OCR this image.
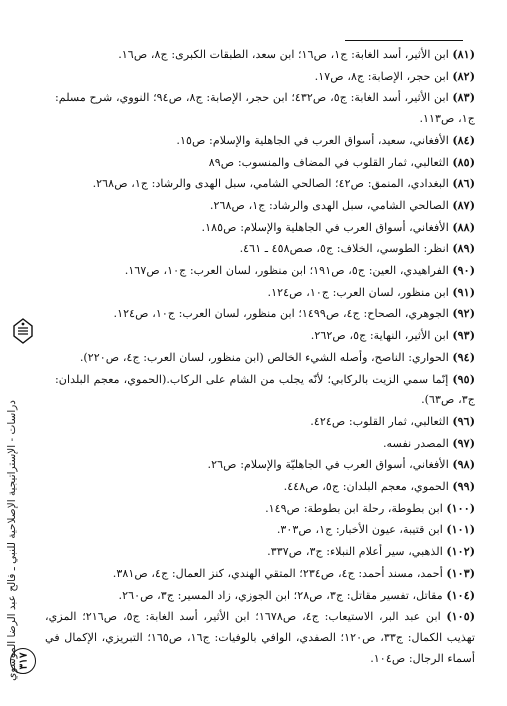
دراسات - الإستراتيجية الإصلاحية للنبي ـ فالح عبد الرضا الموسوي ٣١٧
(٨١) ابن الأثير، أسد الغابة: ج١، ص١٦؛ ابن سعد، الطبقات الكبرى: ج٨، ص١٦.
(٨٢) ابن حجر، الإصابة: ج٨، ص١٧.
(٨٣) ابن الأثير، أسد الغابة: ج٥، ص٤٣٢؛ ابن حجر، الإصابة: ج٨، ص٩٤؛ النووي، شرح مسلم: ج١، ص١١٣.
(٨٤) الأفغاني، سعيد، أسواق العرب في الجاهلية والإسلام: ص١٥.
(٨٥) الثعالبي، ثمار القلوب في المضاف والمنسوب: ص٨٩
(٨٦) البغدادي، المنمق: ص٤٢؛ الصالحي الشامي، سبل الهدى والرشاد: ج١، ص٢٦٨.
(٨٧) الصالحي الشامي، سبل الهدى والرشاد: ج١، ص٢٦٨.
(٨٨) الأفغاني، أسواق العرب في الجاهلية والإسلام: ص١٨٥.
(٨٩) انظر: الطوسي، الخلاف: ج٥، صص٤٥٨ ـ ٤٦١.
(٩٠) الفراهيدي، العين: ج٥، ص١٩١؛ ابن منظور، لسان العرب: ج١٠، ص١٦٧.
(٩١) ابن منظور، لسان العرب: ج١٠، ص١٢٤.
(٩٢) الجوهري، الصحاح: ج٤، ص١٤٩٩؛ ابن منظور، لسان العرب: ج١٠، ص١٢٤.
(٩٣) ابن الأثير، النهاية: ج٥، ص٢٦٢.
(٩٤) الحواري: الناصح، وأصله الشيء الخالص (ابن منظور، لسان العرب: ج٤، ص٢٢٠).
(٩٥) إنّما سمي الزيت بالركابي؛ لأنّه يجلب من الشام على الركاب.(الحموي، معجم البلدان: ج٣، ص٦٣).
(٩٦) الثعالبي، ثمار القلوب: ص٤٢٤.
(٩٧) المصدر نفسه.
(٩٨) الأفغاني، أسواق العرب في الجاهليّة والإسلام: ص٢٦.
(٩٩) الحموي، معجم البلدان: ج٥، ص٤٤٨.
(١٠٠) ابن بطوطة، رحلة ابن بطوطة: ص١٤٩.
(١٠١) ابن قتيبة، عيون الأخبار: ج١، ص٣٠٣.
(١٠٢) الذهبي، سير أعلام النبلاء: ج٣، ص٣٣٧.
(١٠٣) أحمد، مسند أحمد: ج٤، ص٢٣٤؛ المتقي الهندي، كنز العمال: ج٤، ص٣٨١.
(١٠٤) مقاتل، تفسير مقاتل: ج٣، ص٢٨؛ ابن الجوزي، زاد المسير: ج٣، ص٢٦٠.
(١٠٥) ابن عبد البر، الاستيعاب: ج٤، ص١٦٧٨؛ ابن الأثير، أسد الغابة: ج٥، ص٢١٦؛ المزي، تهذيب الكمال: ج٣٣، ص١٢٠؛ الصفدي، الوافي بالوفيات: ج١٦، ص١٦٥؛ التبريزي، الإكمال في أسماء الرجال: ص١٠٤.
